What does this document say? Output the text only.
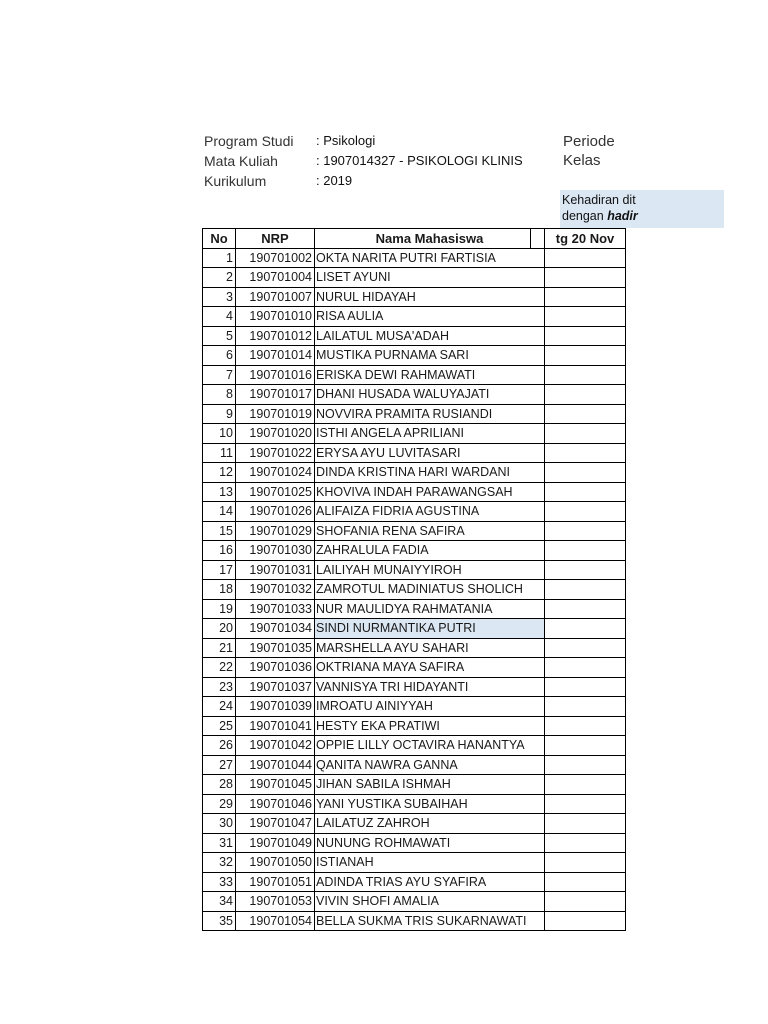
Program Studi : Psikologi
Mata Kuliah	: 1907014327 - PSIKOLOGI KLINIS
Kurikulum	: 2019
Periode
Kelas
Kehadiran dit
dengan hadir
No	NRP	Nama Mahasiswa	tg 20 Nov
1	190701002	OKTA NARITA PUTRI FARTISIA	
2	190701004	LISET AYUNI	
3	190701007	NURUL HIDAYAH	
4	190701010	RISA AULIA	
5	190701012	LAILATUL MUSA'ADAH	
6	190701014	MUSTIKA PURNAMA SARI	
7	190701016	ERISKA DEWI RAHMAWATI	
8	190701017	DHANI HUSADA WALUYAJATI	
9	190701019	NOVVIRA PRAMITA RUSIANDI	
10	190701020	ISTHI ANGELA APRILIANI	
11	190701022	ERYSA AYU LUVITASARI	
12	190701024	DINDA KRISTINA HARI WARDANI	
13	190701025	KHOVIVA INDAH PARAWANGSAH	
14	190701026	ALIFAIZA FIDRIA AGUSTINA	
15	190701029	SHOFANIA RENA SAFIRA	
16	190701030	ZAHRALULA FADIA	
17	190701031	LAILIYAH MUNAIYYIROH	
18	190701032	ZAMROTUL MADINIATUS SHOLICH	
19	190701033	NUR MAULIDYA RAHMATANIA	
20	190701034	SINDI NURMANTIKA PUTRI	
21	190701035	MARSHELLA AYU SAHARI	
22	190701036	OKTRIANA MAYA SAFIRA	
23	190701037	VANNISYA TRI HIDAYANTI	
24	190701039	IMROATU AINIYYAH	
25	190701041	HESTY EKA PRATIWI	
26	190701042	OPPIE LILLY OCTAVIRA HANANTYA	
27	190701044	QANITA NAWRA GANNA	
28	190701045	JIHAN SABILA ISHMAH	
29	190701046	YANI YUSTIKA SUBAIHAH	
30	190701047	LAILATUZ ZAHROH	
31	190701049	NUNUNG ROHMAWATI	
32	190701050	ISTIANAH	
33	190701051	ADINDA TRIAS AYU SYAFIRA	
34	190701053	VIVIN SHOFI AMALIA	
35	190701054	BELLA SUKMA TRIS SUKARNAWATI	
